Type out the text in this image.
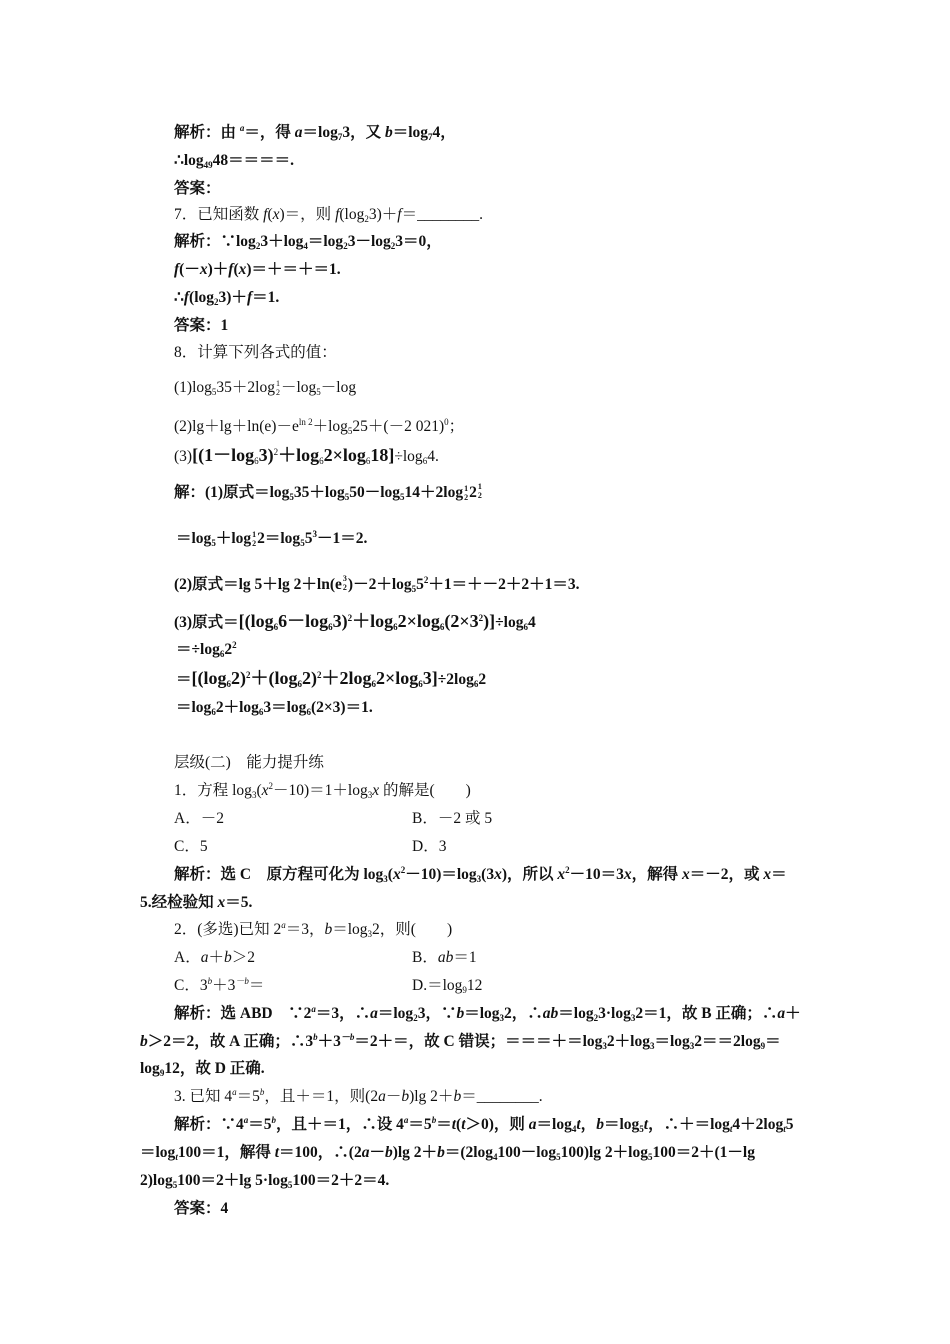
解析：由 $^a$＝，得 $a=\log_73$，又 $b=\log_74$，
$\therefore\log_{49}48====$.
答案：
7．已知函数 f(x)＝，则 $f(\log_23)+f=\_\_\_\_\_\_\_\_$.
解析：$\because\log_23+\log_4=\log_23-\log_23=0$，
f(－x)＋f(x)＝＋＝＋＝1.
$\therefore f(\log_23)+f=1$.
答案：1
8．计算下列各式的值：
$(1)\log_535+2\log$ 1
$2 -\log_5-\log$
$(2)\lg+\lg+\ln(e)-e^{ln 2}+\log_525+(-2$ 021)$^0$；
$(3)[(1-\log_63)^2+\log_62\times\log_618]\div\log_64$.
解：(1)原式$=\log_535+\log_550-\log_514+2\log$ 1
2 2 1
2
$=\log_5+\log$ 1
2 $2=\log_55^3-1=2$.
(2)原式＝lg 5＋lg 2＋ln(e 3
2 )$-2+\log_55^2+1=+-2+2+1=3$.
(3)原式$=[(\log_66-\log_63)^2+\log_62\times\log_6(2\times 3^2)]\div\log_64$
$=\div\log_62^2$
$=[(\log_62)^2+(\log_62)^2+2\log_62\times\log_63]\div 2\log_62$
$=\log_62+\log_63=\log_6(2\times 3)=1$.
层级(二)　能力提升练
1．方程 $\log_3(x^2-10)=1+\log_3x$ 的解是(　　)
A．－2	B．－2 或 5
C．5	D．3
解析：选 C　原方程可化为 $\log_3(x^2-10)=\log_3(3x)$，所以 $x^2-10=3x$，解得 x＝－2，或 x＝
5.经检验知 x＝5.
2．(多选)已知 $2^a=3$，$b=\log_32$，则(　　)
A．a＋b＞2	B．ab＝1
C．$3^b+3^{-b}=$	$D.=\log_912$
解析：选 ABD　$\because 2^a=3$，$\therefore a=\log_23$，$\because b=\log_32$，$\therefore ab=\log_23\cdot\log_32=1$，故 B 正确；∴a＋
b＞2＝2，故 A 正确；$\therefore 3^b+3^{-b}=2+=$，故 C 错误；$===+=\log_32+\log_3=\log_32==2\log_9=$
$\log_912$，故 D 正确.
3. 已知 $4^a=5^b$，且＋＝1，则(2a－b)lg 2＋b＝________.
解析：$\because 4^a=5^b$，且＋＝1，∴设 $4^a=5^b=t(t>0)$，则 $a=\log_4t$，$b=\log_5t$，$\therefore+=\log_t4+2\log_t5$
$=\log_t100=1$，解得 t＝100，∴(2a－b)lg $2+b=(2\log_4100-\log_5100)\lg$ $2+\log_5100=2+(1-\lg$
$2)\log_5100=2+\lg$ $5\cdot\log_5100=2+2=4$.
答案：4
